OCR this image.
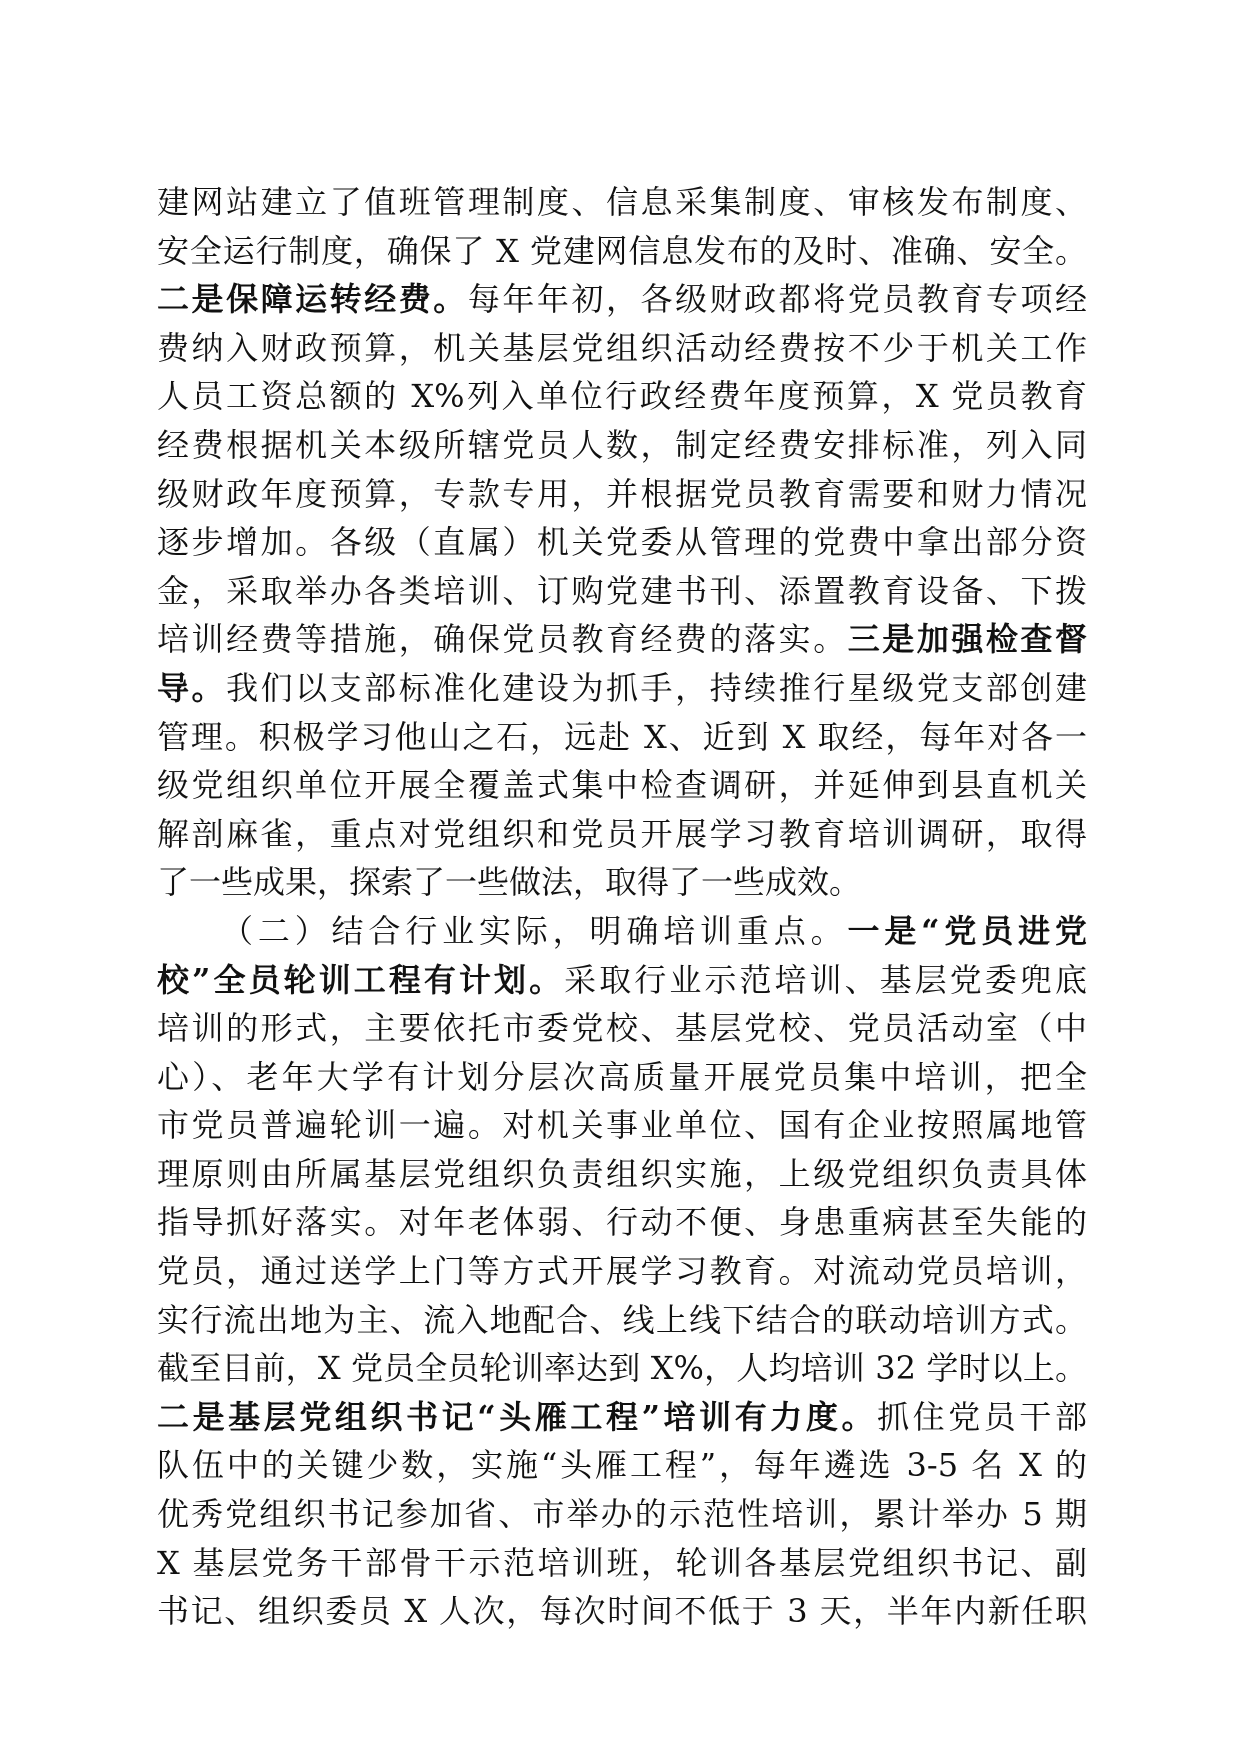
建网站建立了值班管理制度、信息采集制度、审核发布制度、
安全运行制度，确保了 X 党建网信息发布的及时、准确、安全。
二是保障运转经费。每年年初，各级财政都将党员教育专项经
费纳入财政预算，机关基层党组织活动经费按不少于机关工作
人员工资总额的 X%列入单位行政经费年度预算，X 党员教育
经费根据机关本级所辖党员人数，制定经费安排标准，列入同
级财政年度预算，专款专用，并根据党员教育需要和财力情况
逐步增加。各级（直属）机关党委从管理的党费中拿出部分资
金，采取举办各类培训、订购党建书刊、添置教育设备、下拨
培训经费等措施，确保党员教育经费的落实。三是加强检查督
导。我们以支部标准化建设为抓手，持续推行星级党支部创建
管理。积极学习他山之石，远赴 X、近到 X 取经，每年对各一
级党组织单位开展全覆盖式集中检查调研，并延伸到县直机关
解剖麻雀，重点对党组织和党员开展学习教育培训调研，取得
了一些成果，探索了一些做法，取得了一些成效。
（二）结合行业实际，明确培训重点。一是“党员进党
校”全员轮训工程有计划。采取行业示范培训、基层党委兜底
培训的形式，主要依托市委党校、基层党校、党员活动室（中
心）、老年大学有计划分层次高质量开展党员集中培训，把全
市党员普遍轮训一遍。对机关事业单位、国有企业按照属地管
理原则由所属基层党组织负责组织实施，上级党组织负责具体
指导抓好落实。对年老体弱、行动不便、身患重病甚至失能的
党员，通过送学上门等方式开展学习教育。对流动党员培训，
实行流出地为主、流入地配合、线上线下结合的联动培训方式。
截至目前，X 党员全员轮训率达到 X%，人均培训 32 学时以上。
二是基层党组织书记“头雁工程”培训有力度。抓住党员干部
队伍中的关键少数，实施“头雁工程”，每年遴选 3-5 名 X 的
优秀党组织书记参加省、市举办的示范性培训，累计举办 5 期
X 基层党务干部骨干示范培训班，轮训各基层党组织书记、副
书记、组织委员 X 人次，每次时间不低于 3 天，半年内新任职
